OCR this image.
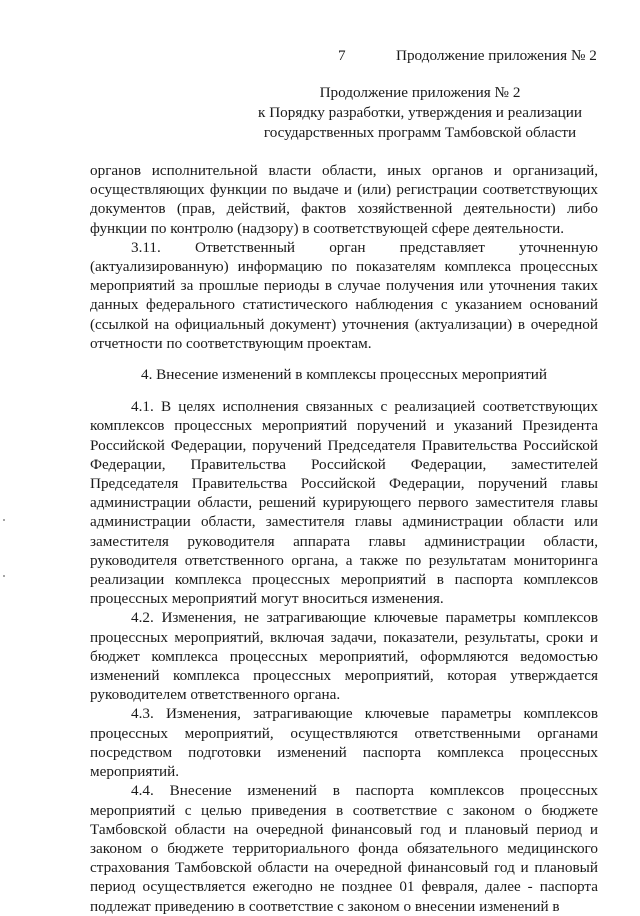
7	Продолжение приложения № 2
Продолжение приложения № 2
к Порядку разработки, утверждения и реализации
государственных программ Тамбовской области

органов исполнительной власти области, иных органов и организаций, осуществляющих функции по выдаче и (или) регистрации соответствующих документов (прав, действий, фактов хозяйственной деятельности) либо функции по контролю (надзору) в соответствующей сфере деятельности.

3.11. Ответственный орган представляет уточненную (актуализированную) информацию по показателям комплекса процессных мероприятий за прошлые периоды в случае получения или уточнения таких данных федерального статистического наблюдения с указанием оснований (ссылкой на официальный документ) уточнения (актуализации) в очередной отчетности по соответствующим проектам.

4. Внесение изменений в комплексы процессных мероприятий

4.1. В целях исполнения связанных с реализацией соответствующих комплексов процессных мероприятий поручений и указаний Президента Российской Федерации, поручений Председателя Правительства Российской Федерации, Правительства Российской Федерации, заместителей Председателя Правительства Российской Федерации, поручений главы администрации области, решений курирующего первого заместителя главы администрации области, заместителя главы администрации области или заместителя руководителя аппарата главы администрации области, руководителя ответственного органа, а также по результатам мониторинга реализации комплекса процессных мероприятий в паспорта комплексов процессных мероприятий могут вноситься изменения.

4.2. Изменения, не затрагивающие ключевые параметры комплексов процессных мероприятий, включая задачи, показатели, результаты, сроки и бюджет комплекса процессных мероприятий, оформляются ведомостью изменений комплекса процессных мероприятий, которая утверждается руководителем ответственного органа.

4.3. Изменения, затрагивающие ключевые параметры комплексов процессных мероприятий, осуществляются ответственными органами посредством подготовки изменений паспорта комплекса процессных мероприятий.

4.4. Внесение изменений в паспорта комплексов процессных мероприятий с целью приведения в соответствие с законом о бюджете Тамбовской области на очередной финансовый год и плановый период и законом о бюджете территориального фонда обязательного медицинского страхования Тамбовской области на очередной финансовый год и плановый период осуществляется ежегодно не позднее 01 февраля, далее - паспорта подлежат приведению в соответствие с законом о внесении изменений в
